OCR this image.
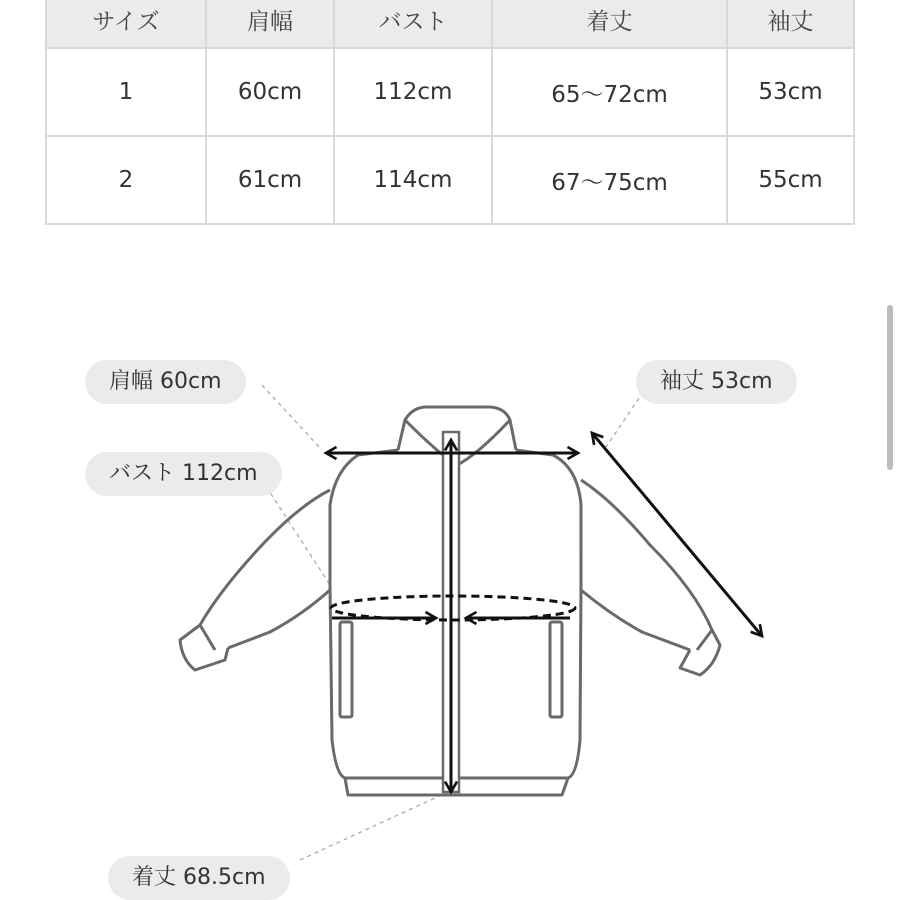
サイズ	肩幅	バスト	着丈	袖丈
1	60cm	112cm	65〜72cm	53cm
2	61cm	114cm	67〜75cm	55cm
肩幅 60cm
バスト 112cm
袖丈 53cm
着丈 68.5cm
